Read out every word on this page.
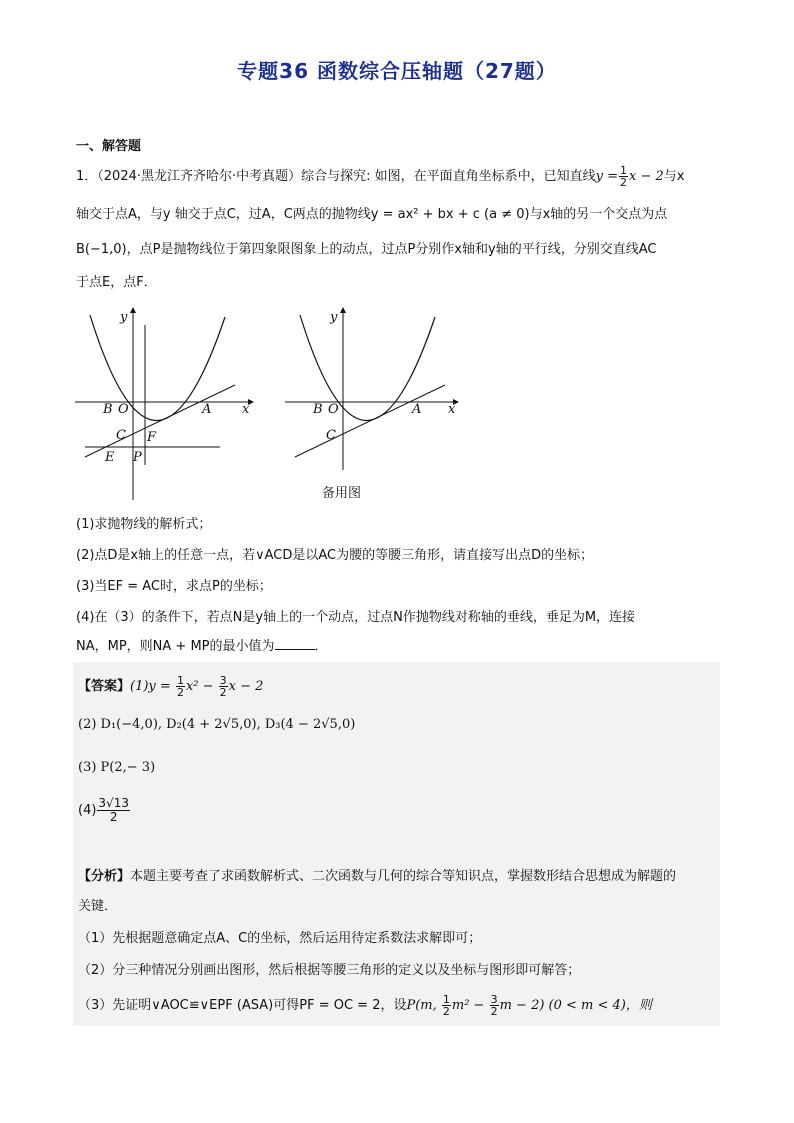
专题36 函数综合压轴题（27题）
一、解答题
1．（2024·黑龙江齐齐哈尔·中考真题）综合与探究: 如图，在平面直角坐标系中，已知直线$y = \frac{1}{2}$ x − 2与x
轴交于点A，与y 轴交于点C，过A，C两点的抛物线y = ax² + bx + c (a ≠ 0)与x轴的另一个交点为点
B(−1,0)，点P是抛物线位于第四象限图象上的动点，过点P分别作x轴和y轴的平行线，分别交直线AC
于点E，点F．
y
x
B O	A
C F
E P
y
x
B O	A
C
备用图
(1)求抛物线的解析式；
(2)点D是x轴上的任意一点，若∨ACD是以AC为腰的等腰三角形，请直接写出点D的坐标；
(3)当EF = AC时，求点P的坐标；
(4)在（3）的条件下，若点N是y轴上的一个动点，过点N作抛物线对称轴的垂线，垂足为M，连接
NA，MP，则NA + MP的最小值为	．
【答案】$(1)y = \frac{1}{2} x^2 - \frac{3}{2}$ x − 2
(2) D₁(−4,0), D₂(4 + 2√5,0), D₃(4 − 2√5,0)
(3) P(2,− 3)
$(4) \frac{3√13}{2}$
【分析】本题主要考查了求函数解析式、二次函数与几何的综合等知识点，掌握数形结合思想成为解题的
关键．
（1）先根据题意确定点A、C的坐标，然后运用待定系数法求解即可；
（2）分三种情况分别画出图形，然后根据等腰三角形的定义以及坐标与图形即可解答；
（3）先证明∨AOC≌∨EPF (ASA)可得PF = OC = 2，设P(m, $\frac{1}{2} m^2 - \frac{3}{2}$ m − 2) (0 < m < 4)，则
